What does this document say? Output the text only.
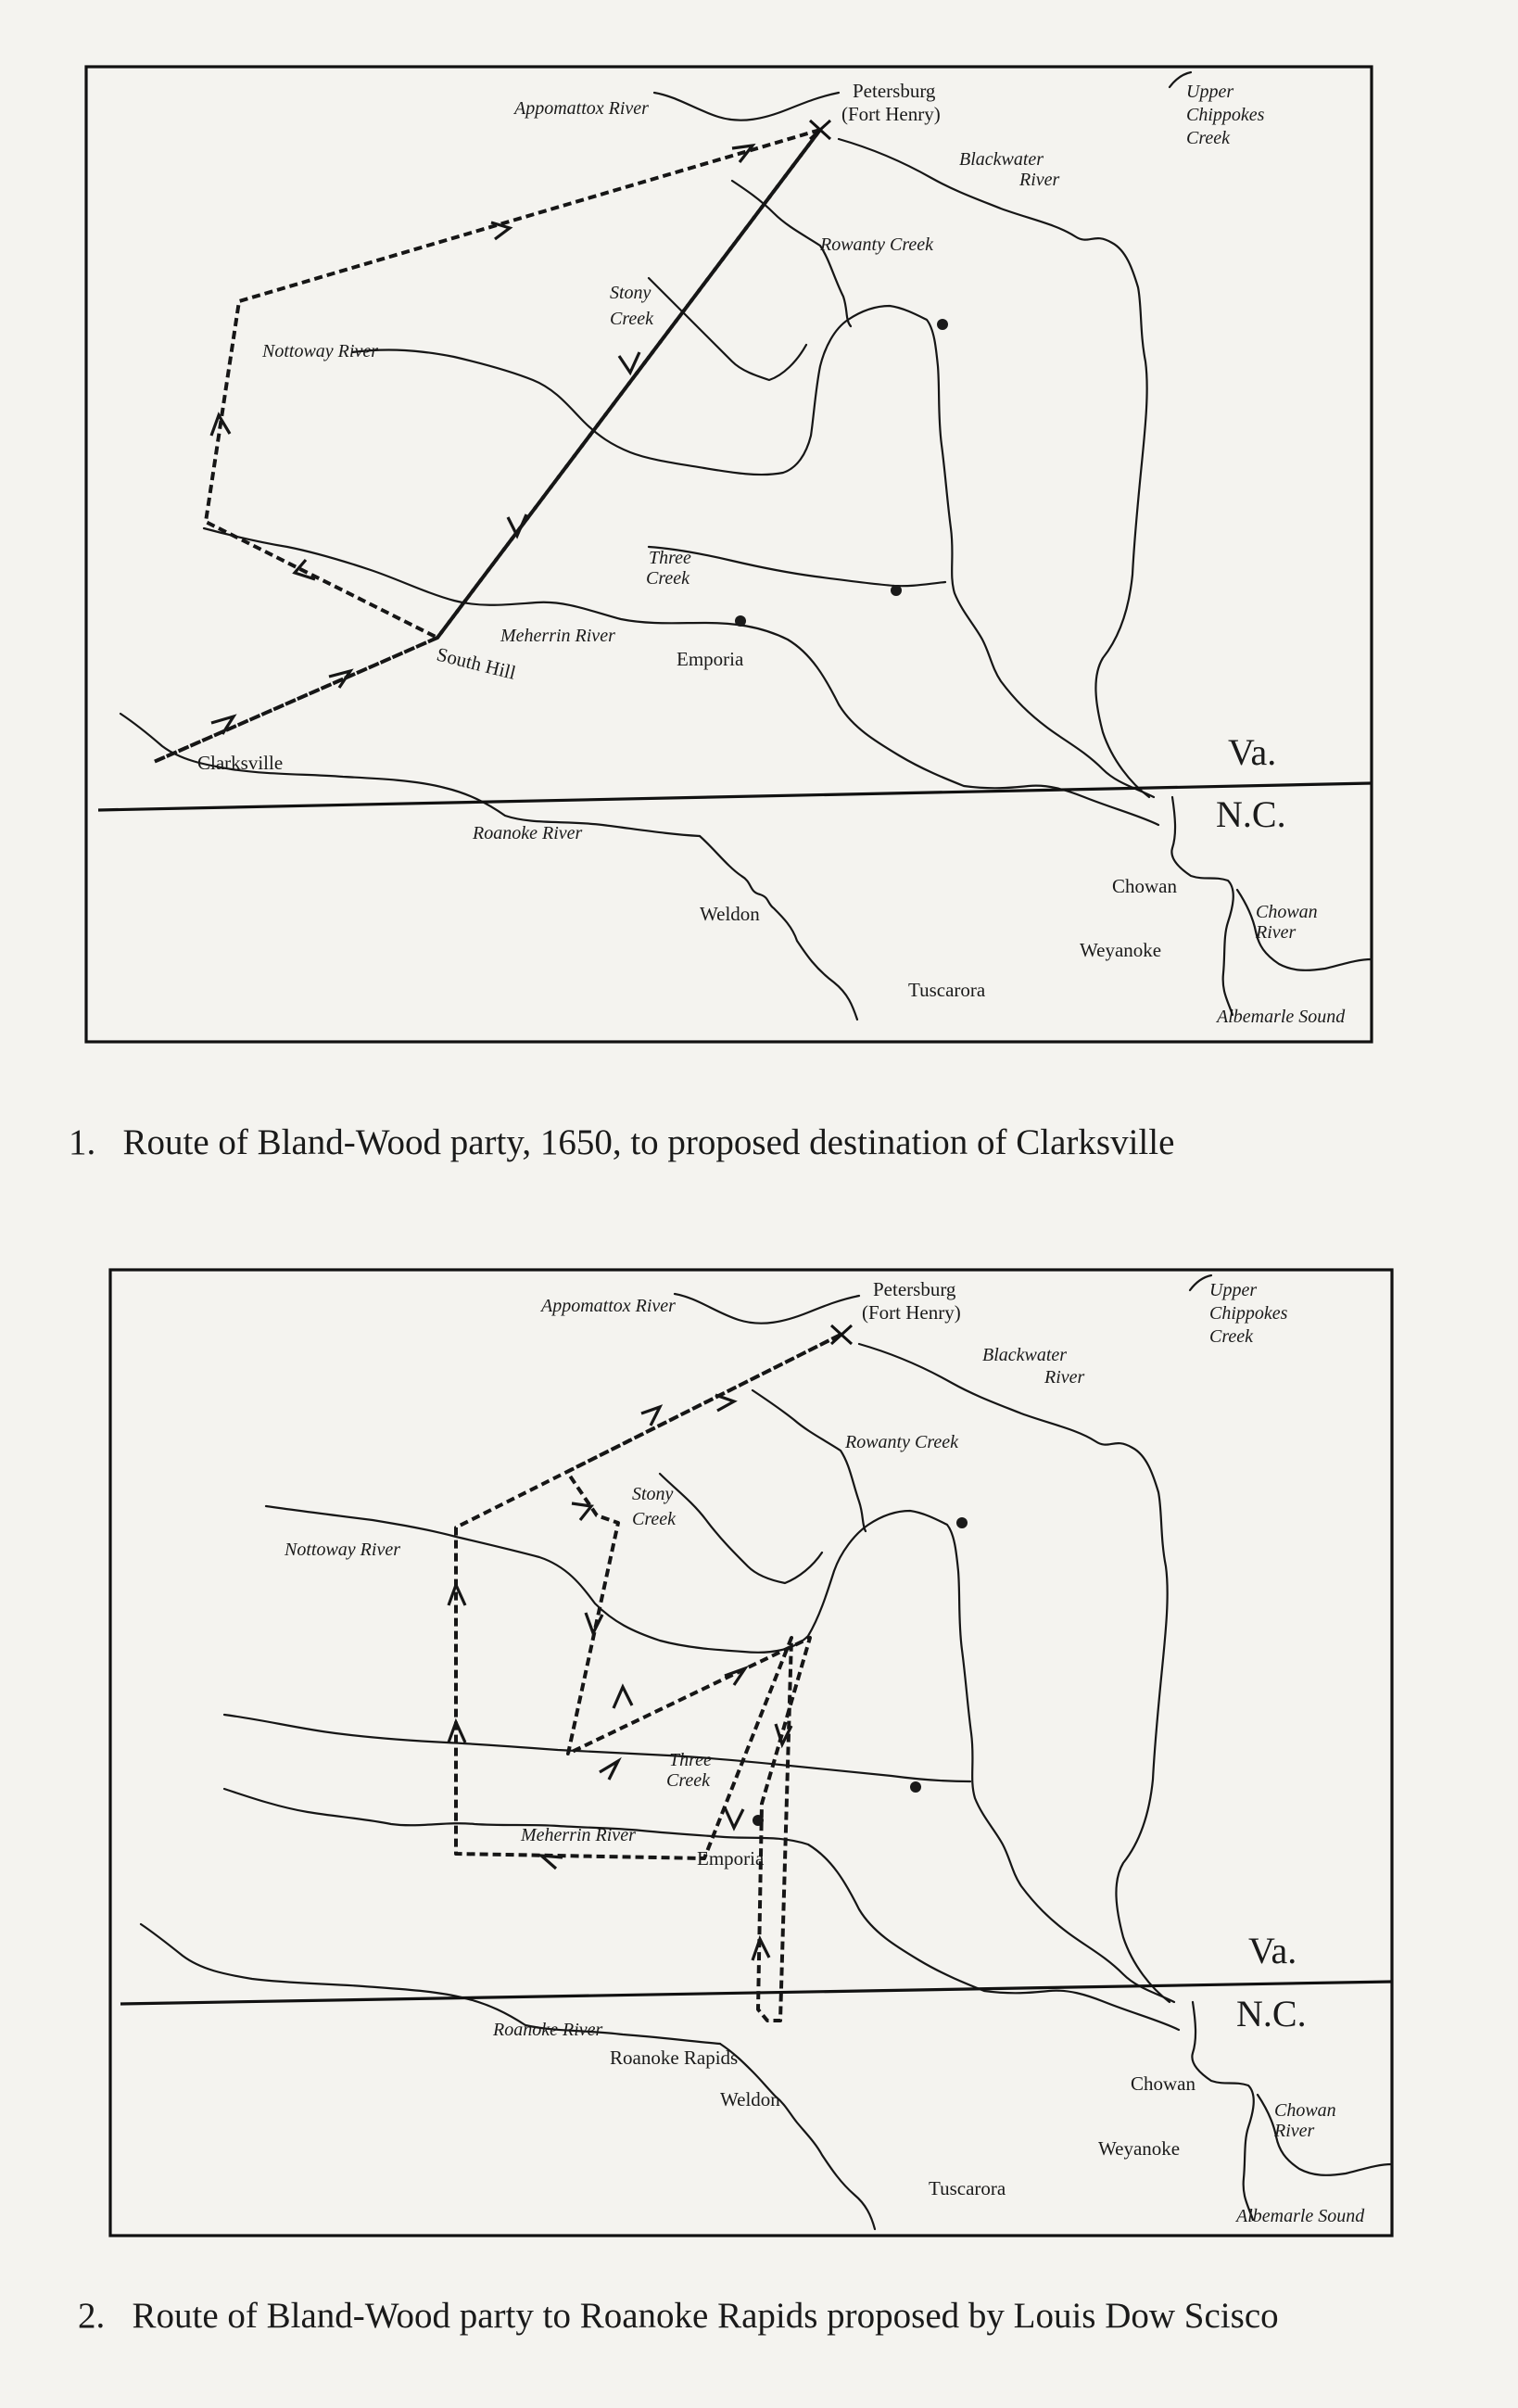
Appomattox River
Petersburg
(Fort Henry)
Upper
Chippokes
Creek
Blackwater
River
Rowanty Creek
Stony
Creek
Nottoway River
Three
Creek
Meherrin River
Emporia
South Hill
Clarksville	Va.
N.C.
Roanoke River
Weldon
Chowan
Chowan
River
Weyanoke
Tuscarora
Albemarle Sound
Appomattox River
Petersburg
(Fort Henry)
Upper
Chippokes
Creek
Blackwater
River
Rowanty Creek
Stony
Creek
Nottoway River
Three
Creek
Meherrin River
Emporia
Va.
N.C.
Roanoke River
Roanoke Rapids
Weldon
Chowan
Chowan
River
Weyanoke
Tuscarora
Albemarle Sound
1. Route of Bland-Wood party, 1650, to proposed destination of Clarksville
2. Route of Bland-Wood party to Roanoke Rapids proposed by Louis Dow Scisco
